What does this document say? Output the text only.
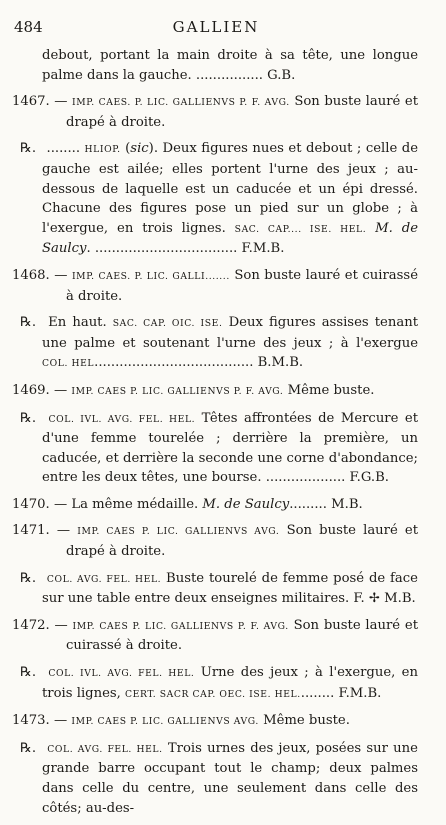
484	GALLIEN

debout, portant la main droite à sa tête, une longue palme dans la gauche. ................ G.B.

1467. — IMP. CAES. P. LIC. GALLIENVS P. F. AVG. Son buste lauré et drapé à droite.

℞. ........ HLIOP. (sic). Deux figures nues et debout ; celle de gauche est ailée; elles portent l'urne des jeux ; au-dessous de laquelle est un caducée et un épi dressé. Chacune des figures pose un pied sur un globe ; à l'exergue, en trois lignes. SAC. CAP.... ISE. HEL. M. de Saulcy. .................................. F.M.B.

1468. — IMP. CAES. P. LIC. GALLI....... Son buste lauré et cuirassé à droite.

℞. En haut. SAC. CAP. OIC. ISE. Deux figures assises tenant une palme et soutenant l'urne des jeux ; à l'exergue COL. HEL...................................... B.M.B.

1469. — IMP. CAES P. LIC. GALLIENVS P. F. AVG. Même buste.

℞. COL. IVL. AVG. FEL. HEL. Têtes affrontées de Mercure et d'une femme tourelée ; derrière la première, un caducée, et derrière la seconde une corne d'abondance; entre les deux têtes, une bourse. ................... F.G.B.

1470. — La même médaille. M. de Saulcy......... M.B.

1471. — IMP. CAES P. LIC. GALLIENVS AVG. Son buste lauré et drapé à droite.

℞. COL. AVG. FEL. HEL. Buste tourelé de femme posé de face sur une table entre deux enseignes militaires. F. ✢ M.B.

1472. — IMP. CAES P. LIC. GALLIENVS P. F. AVG. Son buste lauré et cuirassé à droite.

℞. COL. IVL. AVG. FEL. HEL. Urne des jeux ; à l'exergue, en trois lignes, CERT. SACR CAP. OEC. ISE. HEL......... F.M.B.

1473. — IMP. CAES P. LIC. GALLIENVS AVG. Même buste.

℞. COL. AVG. FEL. HEL. Trois urnes des jeux, posées sur une grande barre occupant tout le champ; deux palmes dans celle du centre, une seulement dans celle des côtés; au-des-
